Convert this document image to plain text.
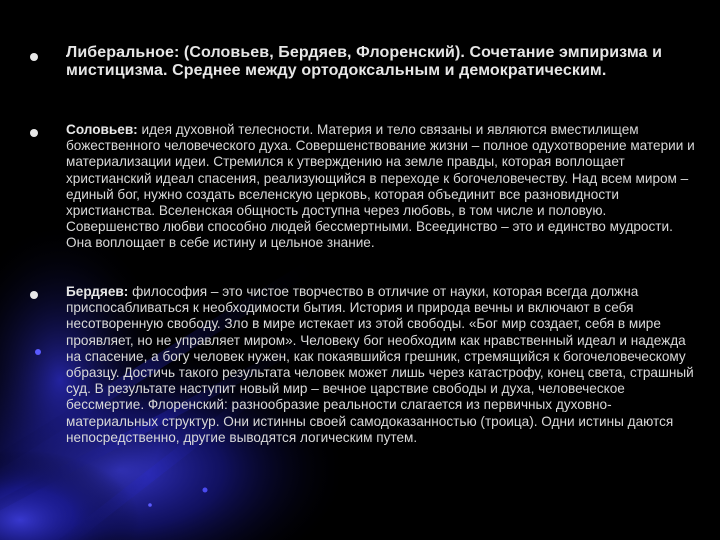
Либеральное: (Соловьев, Бердяев, Флоренский). Сочетание эмпиризма и мистицизма. Среднее между ортодоксальным и демократическим.
Соловьев: идея духовной телесности. Материя и тело связаны и являются вместилищем божественного человеческого духа. Совершенствование жизни – полное одухотворение материи и материализации идеи. Стремился к утверждению на земле правды, которая воплощает христианский идеал спасения, реализующийся в переходе к богочеловечеству. Над всем миром – единый бог, нужно создать вселенскую церковь, которая объединит все разновидности христианства. Вселенская общность доступна через любовь, в том числе и половую. Совершенство любви способно людей бессмертными. Всеединство – это и единство мудрости. Она воплощает в себе истину и цельное знание.
Бердяев: философия – это чистое творчество в отличие от науки, которая всегда должна приспосабливаться к необходимости бытия. История и природа вечны и включают в себя несотворенную свободу. Зло в мире истекает из этой свободы. «Бог мир создает, себя в мире проявляет, но не управляет миром». Человеку бог необходим как нравственный идеал и надежда на спасение, а богу человек нужен, как покаявшийся грешник, стремящийся к богочеловеческому образцу. Достичь такого результата человек может лишь через катастрофу, конец света, страшный суд. В результате наступит новый мир – вечное царствие свободы и духа, человеческое бессмертие. Флоренский: разнообразие реальности слагается из первичных духовно-материальных структур. Они истинны своей самодоказанностью (троица). Одни истины даются непосредственно, другие выводятся логическим путем.
